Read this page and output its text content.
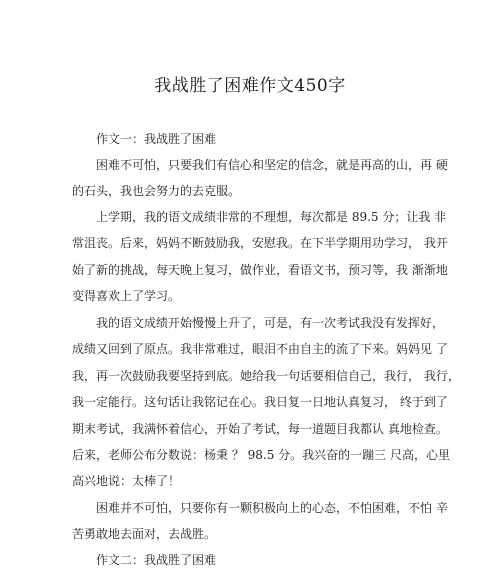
我战胜了困难作文450字
作文一：我战胜了困难
困难不可怕，只要我们有信心和坚定的信念，就是再高的山，再 硬
的石头，我也会努力的去克服。
上学期，我的语文成绩非常的不理想，每次都是 89.5 分；让我 非
常沮丧。后来，妈妈不断鼓励我，安慰我。在下半学期用功学习， 我开
始了新的挑战，每天晚上复习，做作业，看语文书，预习等，我 渐渐地
变得喜欢上了学习。
我的语文成绩开始慢慢上升了，可是，有一次考试我没有发挥好，
成绩又回到了原点。我非常难过，眼泪不由自主的流了下来。妈妈见 了
我，再一次鼓励我要坚持到底。她给我一句话要相信自己，我行， 我行，
我一定能行。这句话让我铭记在心。我日复一日地认真复习， 终于到了
期末考试，我满怀着信心，开始了考试，每一道题目我都认 真地检查。
后来，老师公布分数说：杨秉 ？ 98.5 分。我兴奋的一蹦三 尺高，心里
高兴地说：太棒了！
困难并不可怕，只要你有一颗积极向上的心态，不怕困难，不怕 辛
苦勇敢地去面对，去战胜。
作文二：我战胜了困难
